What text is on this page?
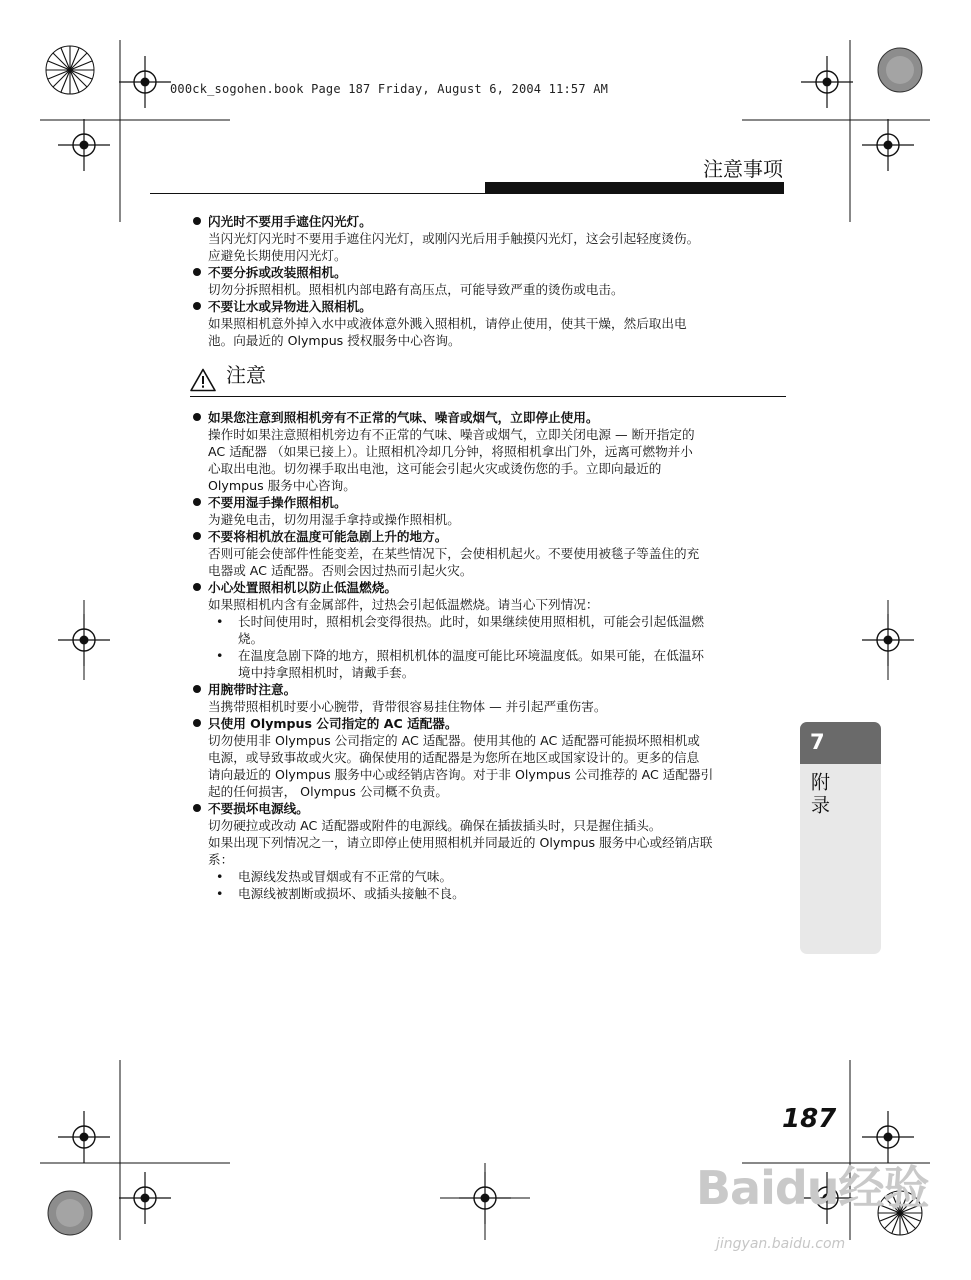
000ck_sogohen.book Page 187 Friday, August 6, 2004 11:57 AM
注意事项
闪光时不要用手遮住闪光灯。
当闪光灯闪光时不要用手遮住闪光灯，或刚闪光后用手触摸闪光灯，这会引起轻度烫伤。
应避免长期使用闪光灯。
不要分拆或改装照相机。
切勿分拆照相机。照相机内部电路有高压点，可能导致严重的烫伤或电击。
不要让水或异物进入照相机。
如果照相机意外掉入水中或液体意外溅入照相机，请停止使用，使其干燥，然后取出电
池。向最近的 Olympus 授权服务中心咨询。
注意
如果您注意到照相机旁有不正常的气味、噪音或烟气，立即停止使用。
操作时如果注意照相机旁边有不正常的气味、噪音或烟气，立即关闭电源 — 断开指定的
AC 适配器 （如果已接上）。让照相机冷却几分钟，将照相机拿出门外，远离可燃物并小
心取出电池。切勿裸手取出电池，这可能会引起火灾或烫伤您的手。立即向最近的
Olympus 服务中心咨询。
不要用湿手操作照相机。
为避免电击，切勿用湿手拿持或操作照相机。
不要将相机放在温度可能急剧上升的地方。
否则可能会使部件性能变差，在某些情况下，会使相机起火。不要使用被毯子等盖住的充
电器或 AC 适配器。否则会因过热而引起火灾。
小心处置照相机以防止低温燃烧。
如果照相机内含有金属部件，过热会引起低温燃烧。请当心下列情况：
• 长时间使用时，照相机会变得很热。此时，如果继续使用照相机，可能会引起低温燃
烧。
• 在温度急剧下降的地方，照相机机体的温度可能比环境温度低。如果可能，在低温环
境中持拿照相机时，请戴手套。
用腕带时注意。
当携带照相机时要小心腕带，背带很容易挂住物体 — 并引起严重伤害。
只使用 Olympus 公司指定的 AC 适配器。
切勿使用非 Olympus 公司指定的 AC 适配器。使用其他的 AC 适配器可能损坏照相机或
电源，或导致事故或火灾。确保使用的适配器是为您所在地区或国家设计的。更多的信息
请向最近的 Olympus 服务中心或经销店咨询。对于非 Olympus 公司推荐的 AC 适配器引
起的任何损害， Olympus 公司概不负责。
不要损坏电源线。
切勿硬拉或改动 AC 适配器或附件的电源线。确保在插拔插头时，只是握住插头。
如果出现下列情况之一，请立即停止使用照相机并同最近的 Olympus 服务中心或经销店联
系：
• 电源线发热或冒烟或有不正常的气味。
• 电源线被割断或损坏、或插头接触不良。
7
附录
187
Baidu经验
jingyan.baidu.com
